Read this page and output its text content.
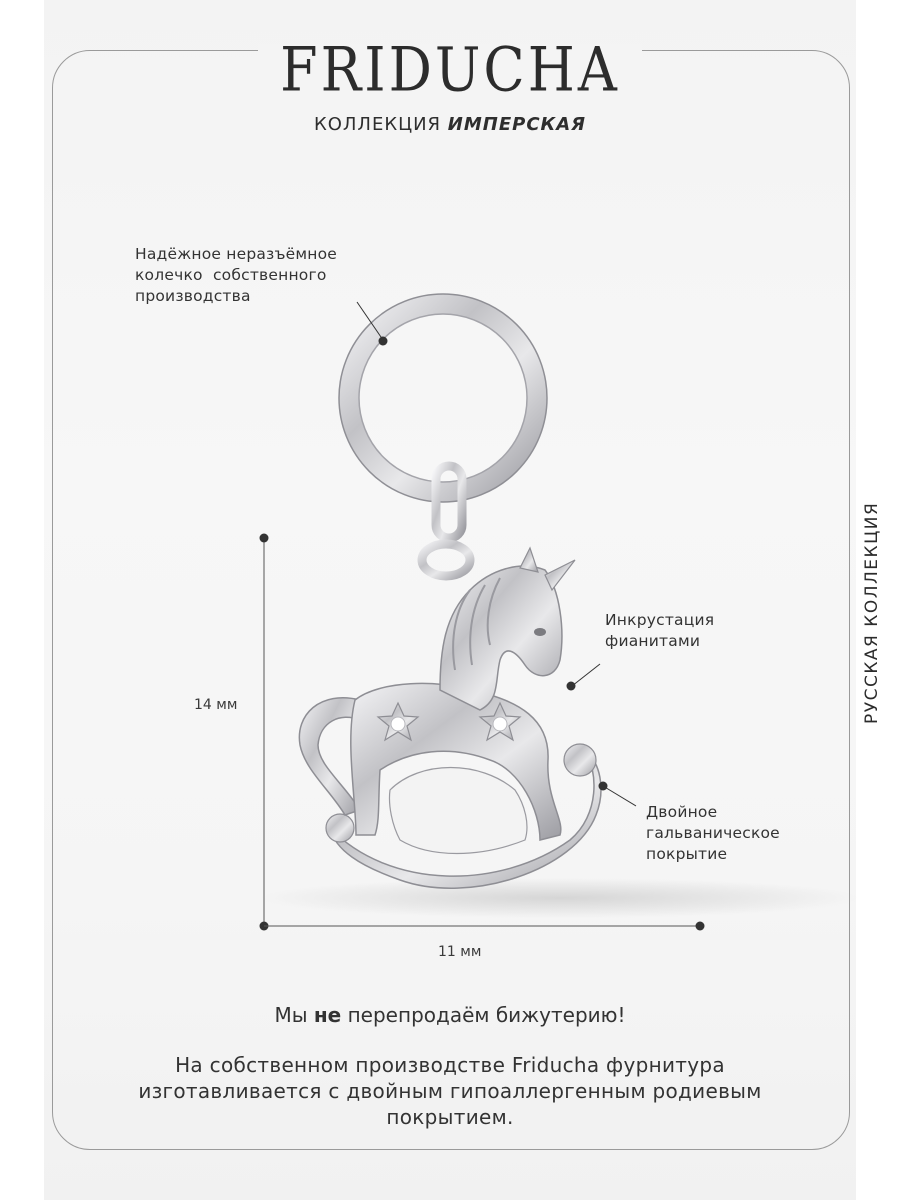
FRIDUCHA
КОЛЛЕКЦИЯ ИМПЕРСКАЯ
РУССКАЯ КОЛЛЕКЦИЯ
Надёжное неразъёмное
колечко  собственного
производства
Инкрустация
фианитами
Двойное
гальваническое
покрытие
14 мм
11 мм
Мы не перепродаём бижутерию!
На собственном производстве Friducha фурнитура изготавливается с двойным гипоаллергенным родиевым покрытием.
